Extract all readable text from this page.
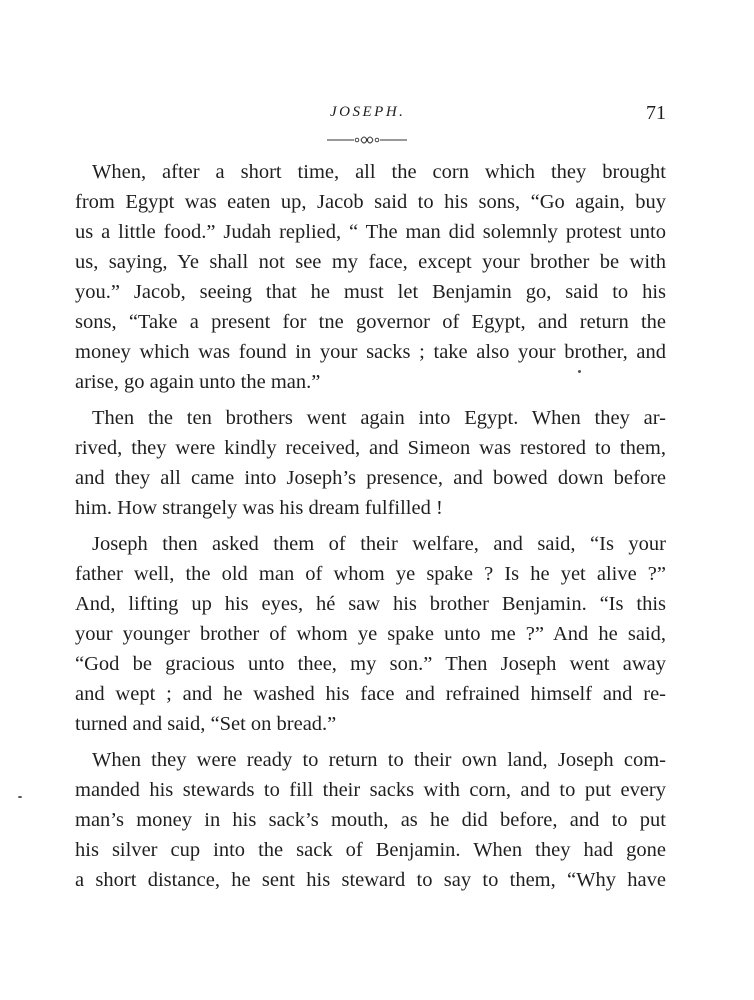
JOSEPH.	71

When, after a short time, all the corn which they brought
from Egypt was eaten up, Jacob said to his sons, “Go again, buy
us a little food.” Judah replied, “ The man did solemnly protest unto
us, saying, Ye shall not see my face, except your brother be with
you.” Jacob, seeing that he must let Benjamin go, said to his
sons, “Take a present for tne governor of Egypt, and return the
money which was found in your sacks ; take also your brother, and
arise, go again unto the man.”

Then the ten brothers went again into Egypt. When they ar-
rived, they were kindly received, and Simeon was restored to them,
and they all came into Joseph’s presence, and bowed down before
him. How strangely was his dream fulfilled !

Joseph then asked them of their welfare, and said, “Is your
father well, the old man of whom ye spake ? Is he yet alive ?”
And, lifting up his eyes, hé saw his brother Benjamin. “Is this
your younger brother of whom ye spake unto me ?” And he said,
“God be gracious unto thee, my son.” Then Joseph went away
and wept ; and he washed his face and refrained himself and re-
turned and said, “Set on bread.”

When they were ready to return to their own land, Joseph com-
manded his stewards to fill their sacks with corn, and to put every
man’s money in his sack’s mouth, as he did before, and to put
his silver cup into the sack of Benjamin. When they had gone
a short distance, he sent his steward to say to them, “Why have
